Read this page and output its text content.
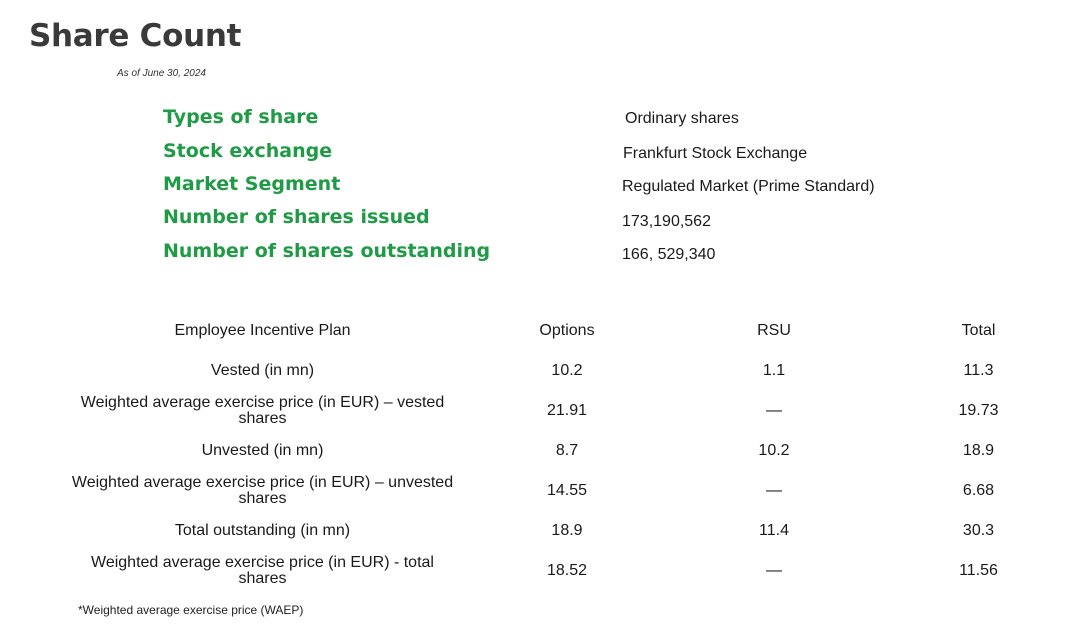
Share Count
As of June 30, 2024
Types of share	Ordinary shares
Stock exchange	Frankfurt Stock Exchange
Market Segment	Regulated Market (Prime Standard)
Number of shares issued	173,190,562
Number of shares outstanding	166, 529,340
Employee Incentive Plan		Options		RSU		Total
Vested (in mn)		10.2		1.1		11.3
Weighted average exercise price (in EUR) – vested shares		21.91		—		19.73
Unvested (in mn)		8.7		10.2		18.9
Weighted average exercise price (in EUR) – unvested shares		14.55		—		6.68
Total outstanding (in mn)		18.9		11.4		30.3
Weighted average exercise price (in EUR) - total shares		18.52		—		11.56
*Weighted average exercise price (WAEP)
